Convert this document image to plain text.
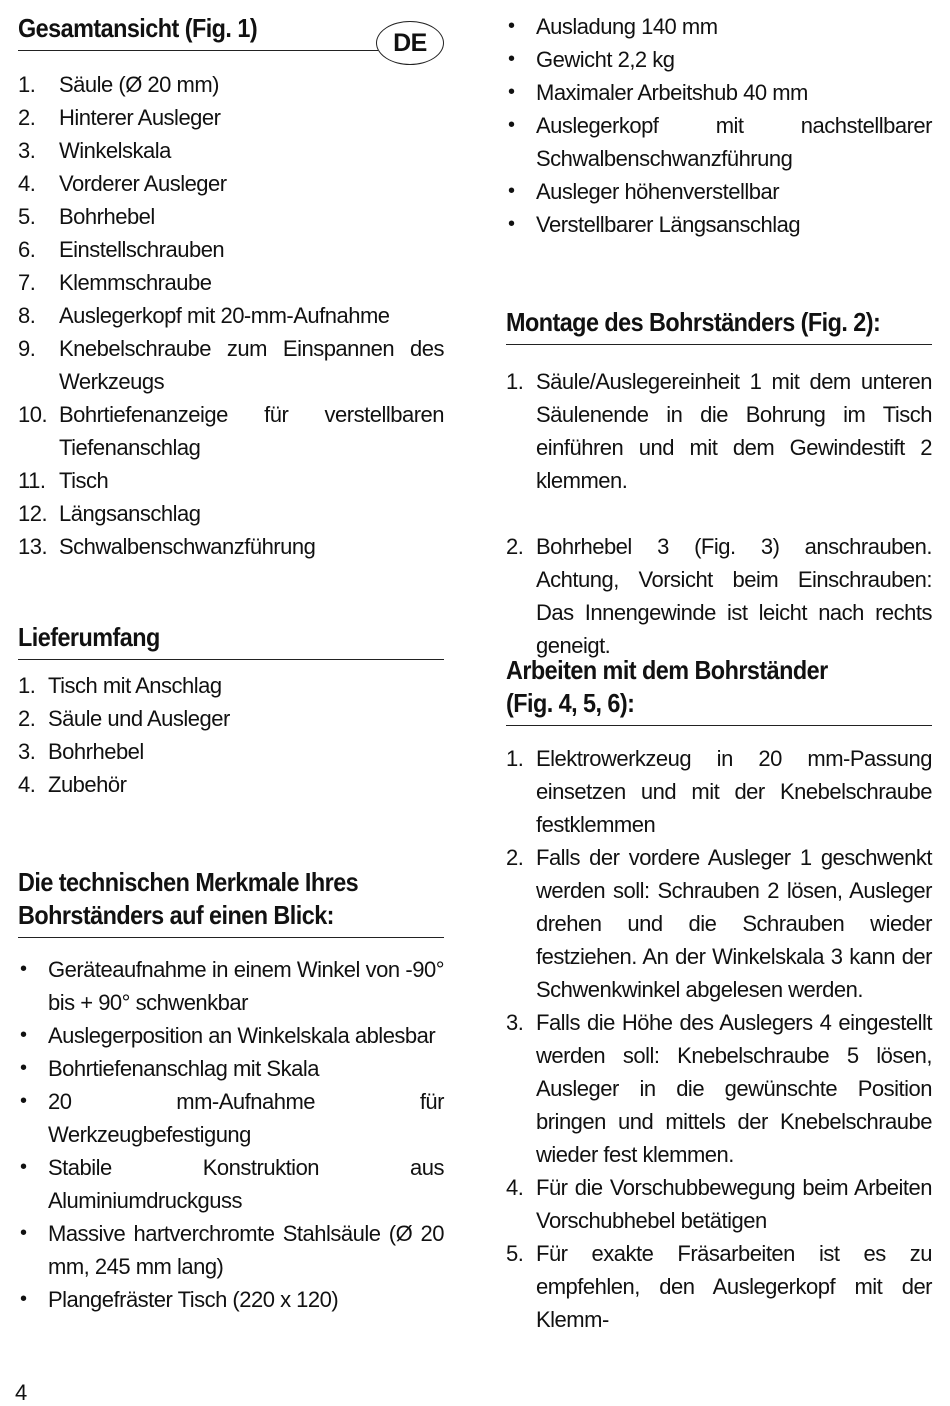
Gesamtansicht (Fig. 1)
1. Säule (Ø 20 mm)
2. Hinterer Ausleger
3. Winkelskala
4. Vorderer Ausleger
5. Bohrhebel
6. Einstellschrauben
7. Klemmschraube
8. Auslegerkopf mit 20-mm-Aufnahme
9. Knebelschraube zum Einspannen des Werkzeugs
10. Bohrtiefenanzeige für verstellbaren Tiefenanschlag
11. Tisch
12. Längsanschlag
13. Schwalbenschwanzführung
Lieferumfang
1. Tisch mit Anschlag
2. Säule und Ausleger
3. Bohrhebel
4. Zubehör
Die technischen Merkmale Ihres
Bohrständers auf einen Blick:
• Geräteaufnahme in einem Winkel von -90° bis + 90° schwenkbar
• Auslegerposition an Winkelskala ablesbar
• Bohrtiefenanschlag mit Skala
• 20 mm-Aufnahme für Werkzeugbefestigung
• Stabile Konstruktion aus Aluminiumdruckguss
• Massive hartverchromte Stahlsäule (Ø 20 mm, 245 mm lang)
• Plangefräster Tisch (220 x 120)
DE
• Ausladung 140 mm
• Gewicht 2,2 kg
• Maximaler Arbeitshub 40 mm
• Auslegerkopf mit nachstellbarer Schwalbenschwanzführung
• Ausleger höhenverstellbar
• Verstellbarer Längsanschlag
Montage des Bohrständers (Fig. 2):
1. Säule/Auslegereinheit 1 mit dem unteren Säulenende in die Bohrung im Tisch einführen und mit dem Gewindestift 2 klemmen.
2. Bohrhebel 3 (Fig. 3) anschrauben. Achtung, Vorsicht beim Einschrauben: Das Innengewinde ist leicht nach rechts geneigt.
Arbeiten mit dem Bohrständer
(Fig. 4, 5, 6):
1. Elektrowerkzeug in 20 mm-Passung einsetzen und mit der Knebelschraube festklemmen
2. Falls der vordere Ausleger 1 geschwenkt werden soll: Schrauben 2 lösen, Ausleger drehen und die Schrauben wieder festziehen. An der Winkelskala 3 kann der Schwenkwinkel abgelesen werden.
3. Falls die Höhe des Auslegers 4 eingestellt werden soll: Knebelschraube 5 lösen, Ausleger in die gewünschte Position bringen und mittels der Knebelschraube wieder fest klemmen.
4. Für die Vorschubbewegung beim Arbeiten Vorschubhebel betätigen
5. Für exakte Fräsarbeiten ist es zu empfehlen, den Auslegerkopf mit der Klemm-
4
